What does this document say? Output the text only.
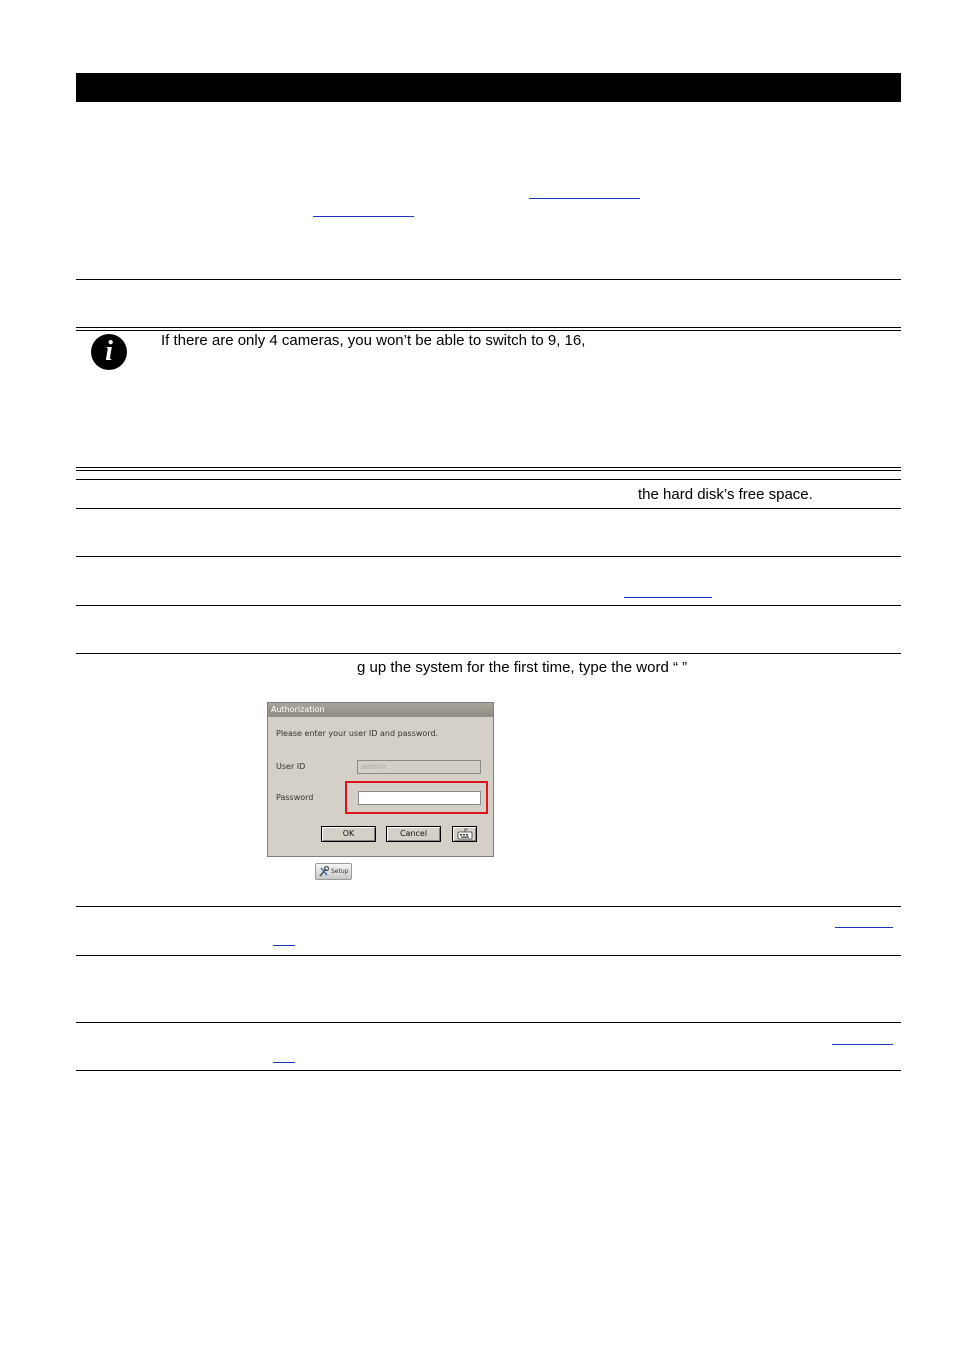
i	If there are only 4 cameras, you won’t be able to switch to 9, 16,
the hard disk’s free space.
g up the system for the first time, type the word “ ”
Authorization
Please enter your user ID and password.
User ID	admin
Password
OK	Cancel
Setup
